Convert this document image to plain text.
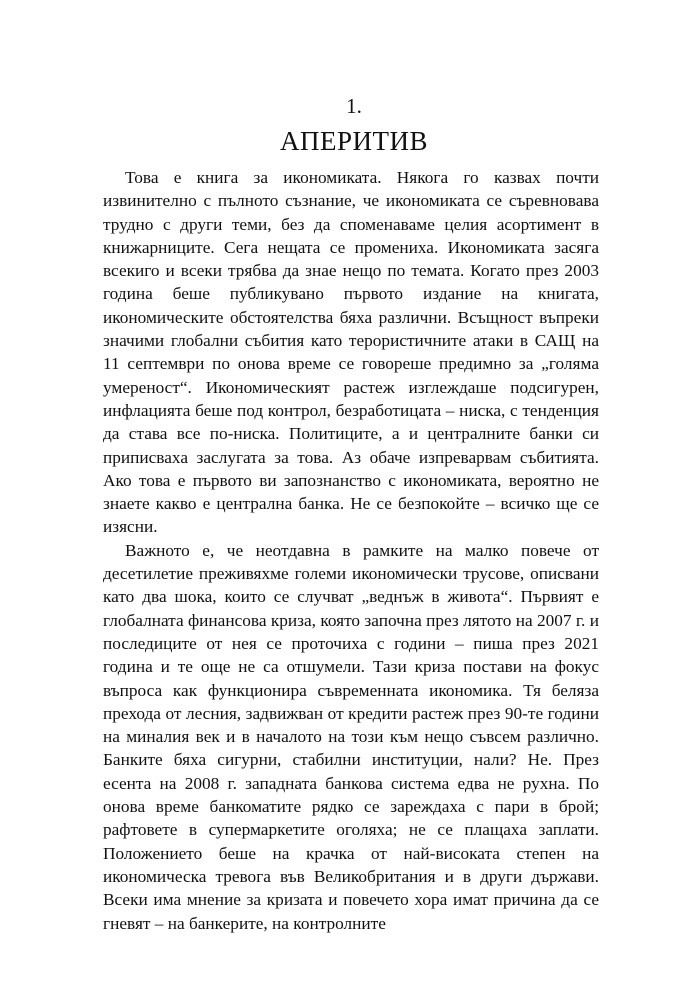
1.
АПЕРИТИВ

Това е книга за икономиката. Някога го казвах почти извинително с пълното съзнание, че икономиката се съревновава трудно с други теми, без да споменаваме целия асортимент в книжарниците. Сега нещата се промениха. Икономиката засяга всекиго и всеки трябва да знае нещо по темата. Когато през 2003 година беше публикувано първото издание на книгата, икономическите обстоятелства бяха различни. Всъщност въпреки значими глобални събития като терористичните атаки в САЩ на 11 септември по онова време се говореше предимно за „голяма умереност“. Икономическият растеж изглеждаше подсигурен, инфлацията беше под контрол, безработицата – ниска, с тенденция да става все по-ниска. Политиците, а и централните банки си приписваха заслугата за това. Аз обаче изпреварвам събитията. Ако това е първото ви запознанство с икономиката, вероятно не знаете какво е централна банка. Не се безпокойте – всичко ще се изясни.

Важното е, че неотдавна в рамките на малко повече от десетилетие преживяхме големи икономически трусове, описвани като два шока, които се случват „веднъж в живота“. Първият е глобалната финансова криза, която започна през лятото на 2007 г. и последиците от нея се проточиха с години – пиша през 2021 година и те още не са отшумели. Тази криза постави на фокус въпроса как функционира съвременната икономика. Тя беляза прехода от лесния, задвижван от кредити растеж през 90-те години на миналия век и в началото на този към нещо съвсем различно. Банките бяха сигурни, стабилни институции, нали? Не. През есента на 2008 г. западната банкова система едва не рухна. По онова време банкоматите рядко се зареждаха с пари в брой; рафтовете в супермаркетите оголяха; не се плащаха заплати. Положението беше на крачка от най-високата степен на икономическа тревога във Великобритания и в други държави. Всеки има мнение за кризата и повечето хора имат причина да се гневят – на банкерите, на контролните
